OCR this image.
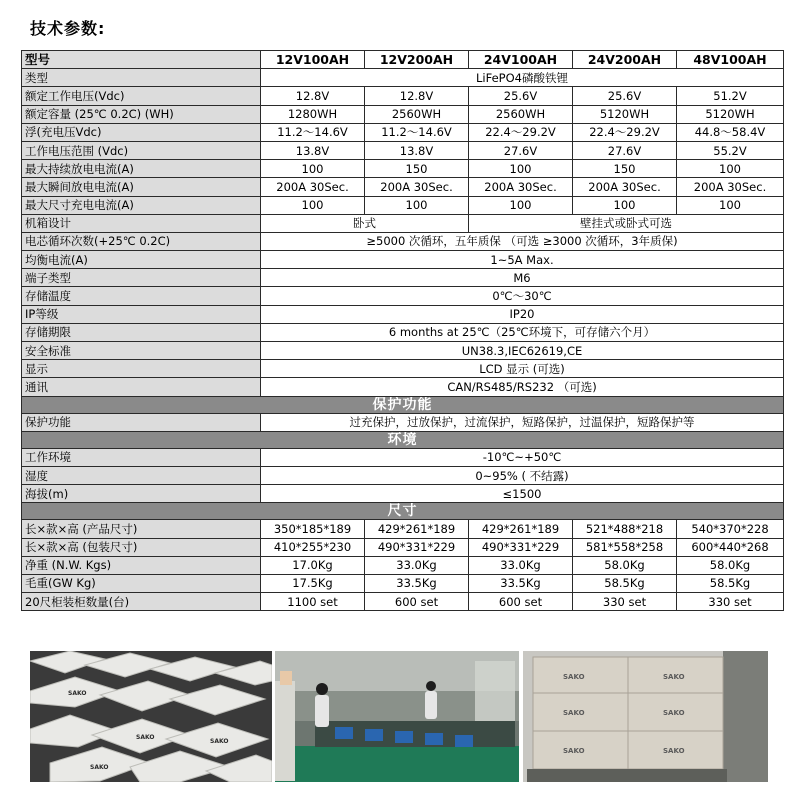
技术参数:
型号	12V100AH	12V200AH	24V100AH	24V200AH	48V100AH
类型	LiFePO4磷酸铁锂				
额定工作电压(Vdc)	12.8V	12.8V	25.6V	25.6V	51.2V
额定容量 (25℃ 0.2C) (WH)	1280WH	2560WH	2560WH	5120WH	5120WH
浮(充电压Vdc)	11.2～14.6V	11.2～14.6V	22.4～29.2V	22.4～29.2V	44.8～58.4V
工作电压范围 (Vdc)	13.8V	13.8V	27.6V	27.6V	55.2V
最大持续放电电流(A)	100	150	100	150	100
最大瞬间放电电流(A)	200A 30Sec.	200A 30Sec.	200A 30Sec.	200A 30Sec.	200A 30Sec.
最大尺寸充电电流(A)	100	100	100	100	100
机箱设计	卧式		壁挂式或卧式可选		
电芯循环次数(+25℃ 0.2C)	≥5000 次循环，五年质保 （可选 ≥3000 次循环，3年质保)				
均衡电流(A)	1~5A Max.				
端子类型	M6				
存储温度	0℃～30℃				
IP等级	IP20				
存储期限	6 months at 25℃（25℃环境下，可存储六个月）				
安全标准	UN38.3,IEC62619,CE				
显示	LCD 显示 (可选)				
通讯	CAN/RS485/RS232 （可选)				
保护功能					
保护功能	过充保护，过放保护，过流保护，短路保护，过温保护，短路保护等				
环境					
工作环境	-10℃~+50℃				
湿度	0~95% ( 不结露)				
海拔(m)	≤1500				
尺寸					
长×款×高 (产品尺寸)	350*185*189	429*261*189	429*261*189	521*488*218	540*370*228
长×款×高 (包装尺寸)	410*255*230	490*331*229	490*331*229	581*558*258	600*440*268
净重 (N.W. Kgs)	17.0Kg	33.0Kg	33.0Kg	58.0Kg	58.0Kg
毛重(GW Kg)	17.5Kg	33.5Kg	33.5Kg	58.5Kg	58.5Kg
20尺柜装柜数量(台)	1100 set	600 set	600 set	330 set	330 set
SAKO
SAKO
SAKO
SAKO
SAKO	SAKO
SAKO	SAKO
SAKO	SAKO
